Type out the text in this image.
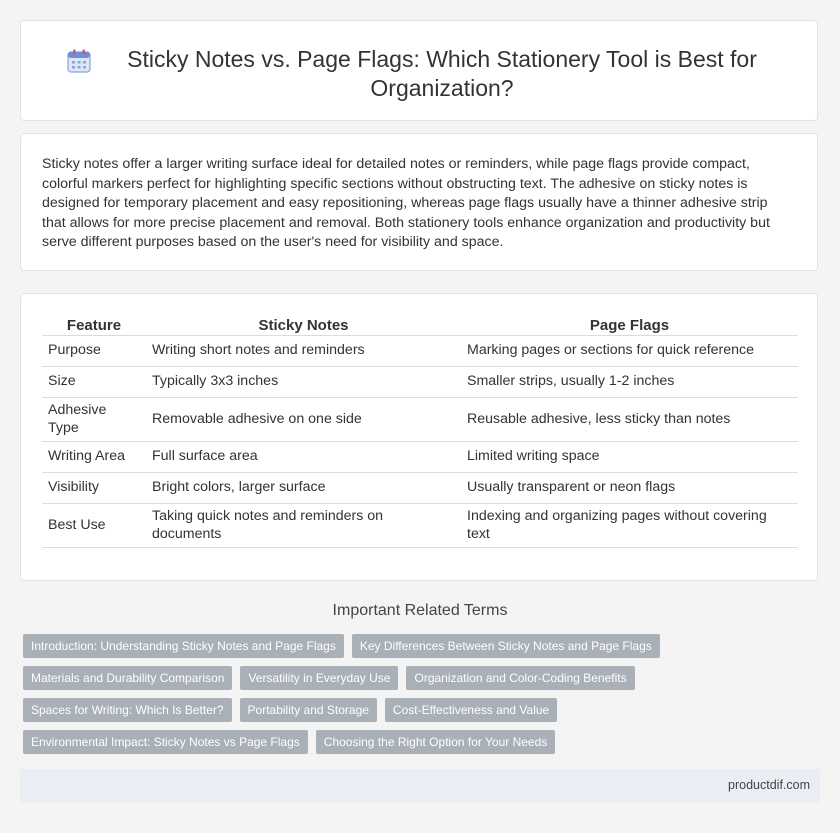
Sticky Notes vs. Page Flags: Which Stationery Tool is Best for Organization?

Sticky notes offer a larger writing surface ideal for detailed notes or reminders, while page flags provide compact, colorful markers perfect for highlighting specific sections without obstructing text. The adhesive on sticky notes is designed for temporary placement and easy repositioning, whereas page flags usually have a thinner adhesive strip that allows for more precise placement and removal. Both stationery tools enhance organization and productivity but serve different purposes based on the user's need for visibility and space.

Feature	Sticky Notes	Page Flags
Purpose	Writing short notes and reminders	Marking pages or sections for quick reference
Size	Typically 3x3 inches	Smaller strips, usually 1-2 inches
Adhesive Type	Removable adhesive on one side	Reusable adhesive, less sticky than notes
Writing Area	Full surface area	Limited writing space
Visibility	Bright colors, larger surface	Usually transparent or neon flags
Best Use	Taking quick notes and reminders on documents	Indexing and organizing pages without covering text
Important Related Terms
Introduction: Understanding Sticky Notes and Page Flags	Key Differences Between Sticky Notes and Page Flags
Materials and Durability Comparison	Versatility in Everyday Use	Organization and Color-Coding Benefits
Spaces for Writing: Which Is Better?	Portability and Storage	Cost-Effectiveness and Value
Environmental Impact: Sticky Notes vs Page Flags	Choosing the Right Option for Your Needs
productdif.com
